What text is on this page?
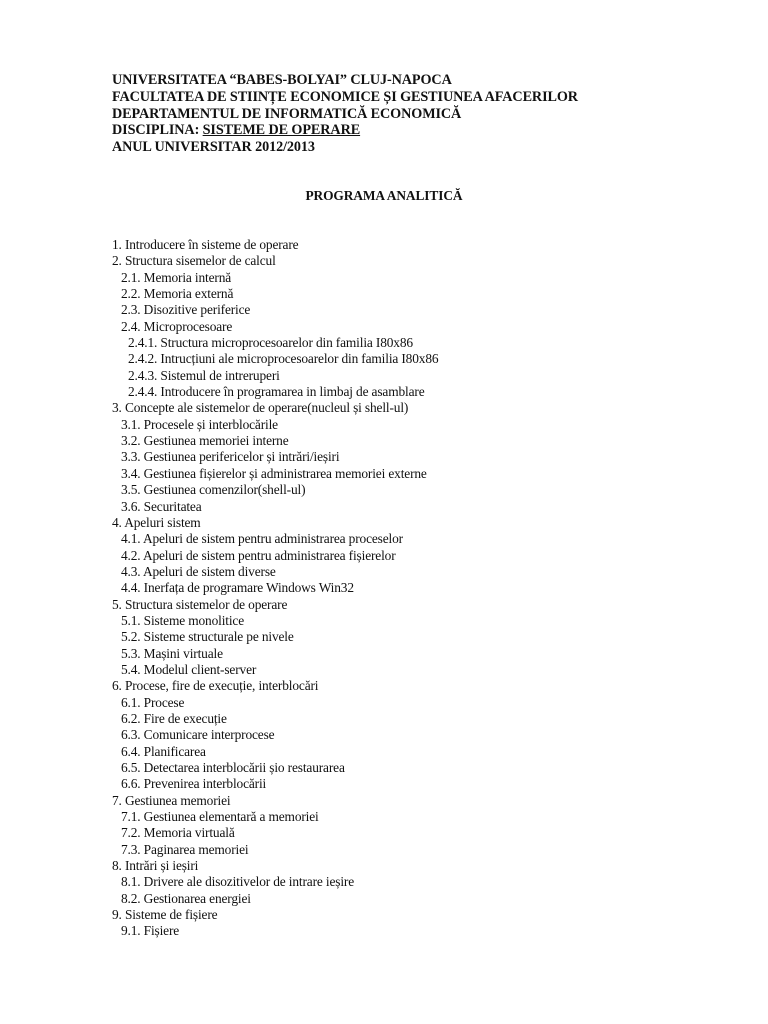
UNIVERSITATEA “BABES-BOLYAI” CLUJ-NAPOCA
FACULTATEA DE STIINȚE ECONOMICE ȘI GESTIUNEA AFACERILOR
DEPARTAMENTUL DE INFORMATICĂ ECONOMICĂ
DISCIPLINA: SISTEME DE OPERARE
ANUL UNIVERSITAR 2012/2013
PROGRAMA ANALITICĂ
1. Introducere în sisteme de operare
2. Structura sisemelor de calcul
2.1. Memoria internă
2.2. Memoria externă
2.3. Disozitive periferice
2.4. Microprocesoare
2.4.1. Structura microprocesoarelor din familia I80x86
2.4.2. Intrucțiuni ale microprocesoarelor din familia I80x86
2.4.3. Sistemul de intreruperi
2.4.4. Introducere în programarea in limbaj de asamblare
3. Concepte ale sistemelor de operare(nucleul și shell-ul)
3.1. Procesele și interblocările
3.2. Gestiunea memoriei interne
3.3. Gestiunea perifericelor și intrări/ieșiri
3.4. Gestiunea fișierelor și administrarea memoriei externe
3.5. Gestiunea comenzilor(shell-ul)
3.6. Securitatea
4. Apeluri sistem
4.1. Apeluri de sistem pentru administrarea proceselor
4.2. Apeluri de sistem pentru administrarea fișierelor
4.3. Apeluri de sistem diverse
4.4. Inerfața de programare Windows Win32
5. Structura sistemelor de operare
5.1. Sisteme monolitice
5.2. Sisteme structurale pe nivele
5.3. Mașini virtuale
5.4. Modelul client-server
6. Procese, fire de execuție, interblocări
6.1. Procese
6.2. Fire de execuție
6.3. Comunicare interprocese
6.4. Planificarea
6.5. Detectarea interblocării șio restaurarea
6.6. Prevenirea interblocării
7. Gestiunea memoriei
7.1. Gestiunea elementară a memoriei
7.2. Memoria virtuală
7.3. Paginarea memoriei
8. Intrări și ieșiri
8.1. Drivere ale disozitivelor de intrare ieșire
8.2. Gestionarea energiei
9. Sisteme de fișiere
9.1. Fișiere
